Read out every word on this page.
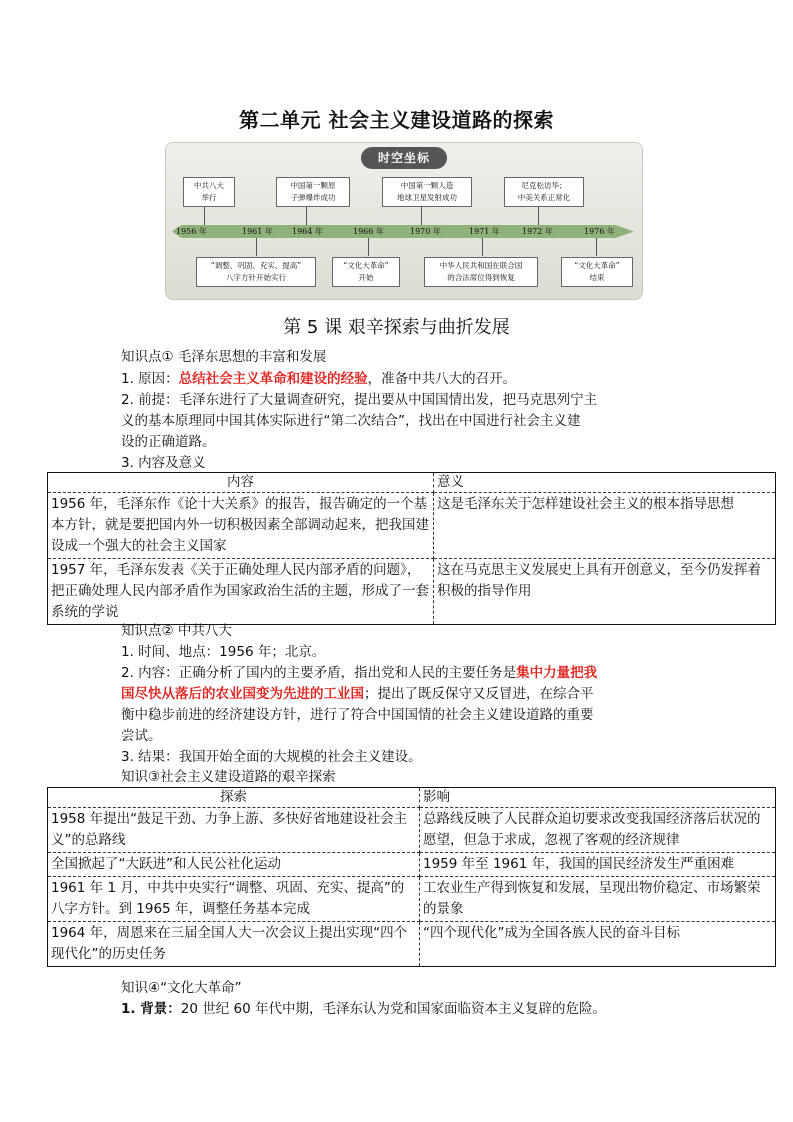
第二单元 社会主义建设道路的探索
时空坐标
中共八大
举行
中国第一颗原
子弹爆炸成功
中国第一颗人造
地球卫星发射成功
尼克松访华；
中美关系正常化
1956 年	1961 年 1964 年	1966 年	1970 年	1971 年	1972 年	1976 年
“调整、巩固、充实、提高”
八字方针开始实行
“文化大革命”
开始
中华人民共和国在联合国
的合法席位得到恢复
“文化大革命”
结束
第 5 课 艰辛探索与曲折发展
知识点① 毛泽东思想的丰富和发展
1. 原因：总结社会主义革命和建设的经验，准备中共八大的召开。
2. 前提：毛泽东进行了大量调查研究，提出要从中国国情出发，把马克思列宁主
义的基本原理同中国其体实际进行“第二次结合”，找出在中国进行社会主义建
设的正确道路。
3. 内容及意义
内容	意义
1956 年，毛泽东作《论十大关系》的报告，报告确定的一个基本方针，就是要把国内外一切积极因素全部调动起来，把我国建设成一个强大的社会主义国家	这是毛泽东关于怎样建设社会主义的根本指导思想
1957 年，毛泽东发表《关于正确处理人民内部矛盾的问题》，把正确处理人民内部矛盾作为国家政治生活的主题，形成了一套系统的学说	这在马克思主义发展史上具有开创意义，至今仍发挥着积极的指导作用
知识点② 中共八大
1. 时间、地点：1956 年；北京。
2. 内容：正确分析了国内的主要矛盾，指出党和人民的主要任务是集中力量把我
国尽快从落后的农业国变为先进的工业国；提出了既反保守又反冒进，在综合平
衡中稳步前进的经济建设方针，进行了符合中国国情的社会主义建设道路的重要
尝试。
3. 结果：我国开始全面的大规模的社会主义建设。
知识③社会主义建设道路的艰辛探索
探索	影响
1958 年提出“鼓足干劲、力争上游、多快好省地建设社会主义”的总路线	总路线反映了人民群众迫切要求改变我国经济落后状况的愿望，但急于求成，忽视了客观的经济规律
全国掀起了“大跃进”和人民公社化运动	1959 年至 1961 年，我国的国民经济发生严重困难
1961 年 1 月，中共中央实行“调整、巩固、充实、提高”的八字方针。到 1965 年，调整任务基本完成	工农业生产得到恢复和发展，呈现出物价稳定、市场繁荣的景象
1964 年，周恩来在三届全国人大一次会议上提出实现“四个现代化”的历史任务	“四个现代化”成为全国各族人民的奋斗目标
知识④“文化大革命”
1. 背景：20 世纪 60 年代中期，毛泽东认为党和国家面临资本主义复辟的危险。
